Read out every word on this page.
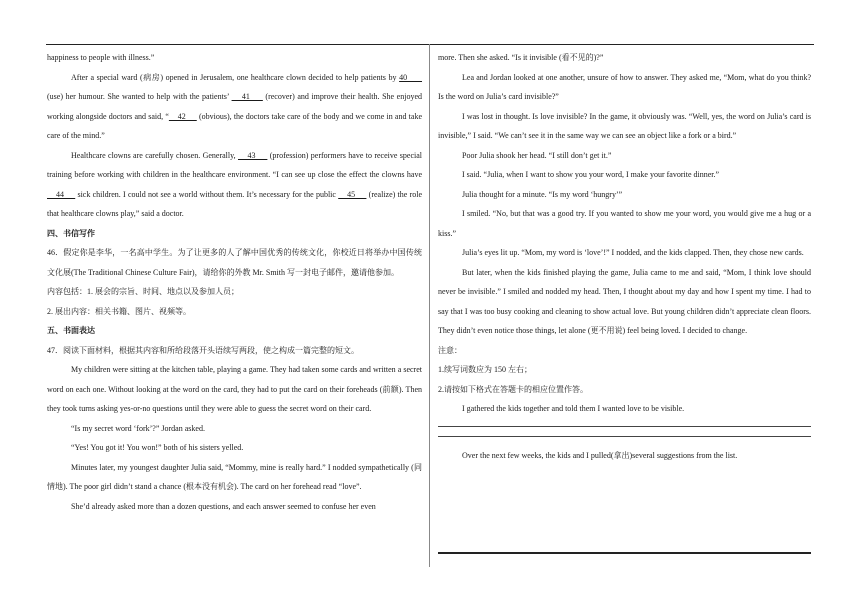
happiness to people with illness.”

After a special ward (病房) opened in Jerusalem, one healthcare clown decided to help patients by 40       (use) her humour. She wanted to help with the patients’     41      (recover) and improve their health. She enjoyed working alongside doctors and said, “    42      (obvious), the doctors take care of the body and we come in and take care of the mind.”

Healthcare clowns are carefully chosen. Generally,     43      (profession) performers have to receive special training before working with children in the healthcare environment. “I can see up close the effect the clowns have     44      sick children. I could not see a world without them. It’s necessary for the public     45      (realize) the role that healthcare clowns play,” said a doctor.

四、书信写作

46．假定你是李华，一名高中学生。为了让更多的人了解中国优秀的传统文化，你校近日将举办中国传统文化展(The Traditional Chinese Culture Fair)，请给你的外教 Mr. Smith 写一封电子邮件，邀请他参加。

内容包括：1. 展会的宗旨、时间、地点以及参加人员；

2. 展出内容：相关书籍、图片、视频等。

五、书面表达

47．阅读下面材料，根据其内容和所给段落开头语续写两段，使之构成一篇完整的短文。

My children were sitting at the kitchen table, playing a game. They had taken some cards and written a secret word on each one. Without looking at the word on the card, they had to put the card on their foreheads (前额). Then they took turns asking yes-or-no questions until they were able to guess the secret word on their card.

“Is my secret word ‘fork’?” Jordan asked.

“Yes! You got it! You won!” both of his sisters yelled.

Minutes later, my youngest daughter Julia said, “Mommy, mine is really hard.” I nodded sympathetically (同情地). The poor girl didn’t stand a chance (根本没有机会). The card on her forehead read “love”.

She’d already asked more than a dozen questions, and each answer seemed to confuse her even

more. Then she asked. “Is it invisible (看不见的)?”

Lea and Jordan looked at one another, unsure of how to answer. They asked me, “Mom, what do you think? Is the word on Julia’s card invisible?”

I was lost in thought. Is love invisible? In the game, it obviously was. “Well, yes, the word on Julia’s card is invisible,” I said. “We can’t see it in the same way we can see an object like a fork or a bird.”

Poor Julia shook her head. “I still don’t get it.”

I said. “Julia, when I want to show you your word, I make your favorite dinner.”

Julia thought for a minute. “Is my word ‘hungry’”

I smiled. “No, but that was a good try. If you wanted to show me your word, you would give me a hug or a kiss.”

Julia’s eyes lit up. “Mom, my word is ‘love’!” I nodded, and the kids clapped. Then, they chose new cards.

But later, when the kids finished playing the game, Julia came to me and said, “Mom, I think love should never be invisible.” I smiled and nodded my head. Then, I thought about my day and how I spent my time. I had to say that I was too busy cooking and cleaning to show actual love. But young children didn’t appreciate clean floors. They didn’t even notice those things, let alone (更不用说) feel being loved. I decided to change.

注意：

1.续写词数应为 150 左右；

2.请按如下格式在答题卡的相应位置作答。

I gathered the kids together and told them I wanted love to be visible.

Over the next few weeks, the kids and I pulled(拿出)several suggestions from the list.
